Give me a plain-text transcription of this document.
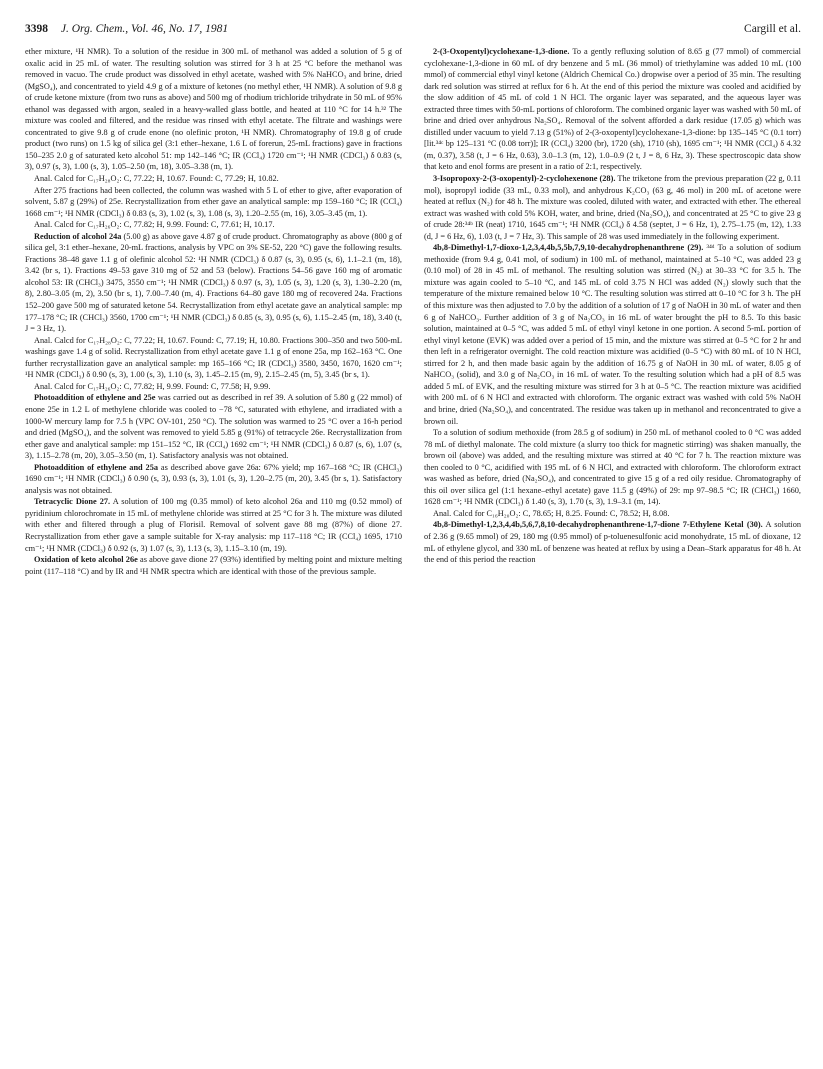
3398 J. Org. Chem., Vol. 46, No. 17, 1981	Cargill et al.

ether mixture, ¹H NMR). To a solution of the residue in 300 mL of methanol was added a solution of 5 g of oxalic acid in 25 mL of water. The resulting solution was stirred for 3 h at 25 °C before the methanol was removed in vacuo. The crude product was dissolved in ethyl acetate, washed with 5% NaHCO₃ and brine, dried (MgSO₄), and concentrated to yield 4.9 g of a mixture of ketones (no methyl ether, ¹H NMR). A solution of 9.8 g of crude ketone mixture (from two runs as above) and 500 mg of rhodium trichloride trihydrate in 50 mL of 95% ethanol was degassed with argon, sealed in a heavy-walled glass bottle, and heated at 110 °C for 14 h.³² The mixture was cooled and filtered, and the residue was rinsed with ethyl acetate. The filtrate and washings were concentrated to give 9.8 g of crude enone (no olefinic proton, ¹H NMR). Chromatography of 19.8 g of crude product (two runs) on 1.5 kg of silica gel (3:1 ether–hexane, 1.6 L of forerun, 25-mL fractions) gave in fractions 150–235 2.0 g of saturated keto alcohol 51: mp 142–146 °C; IR (CCl₄) 1720 cm⁻¹; ¹H NMR (CDCl₃) δ 0.83 (s, 3), 0.97 (s, 3), 1.00 (s, 3), 1.05–2.50 (m, 18), 3.05–3.38 (m, 1).

Anal. Calcd for C₁₇H₂₈O₂: C, 77.22; H, 10.67. Found: C, 77.29; H, 10.82.

After 275 fractions had been collected, the column was washed with 5 L of ether to give, after evaporation of solvent, 5.87 g (29%) of 25e. Recrystallization from ether gave an analytical sample: mp 159–160 °C; IR (CCl₄) 1668 cm⁻¹; ¹H NMR (CDCl₃) δ 0.83 (s, 3), 1.02 (s, 3), 1.08 (s, 3), 1.20–2.55 (m, 16), 3.05–3.45 (m, 1).

Anal. Calcd for C₁₇H₂₆O₂: C, 77.82; H, 9.99. Found: C, 77.61; H, 10.17.

Reduction of alcohol 24a (5.00 g) as above gave 4.87 g of crude product. Chromatography as above (800 g of silica gel, 3:1 ether–hexane, 20-mL fractions, analysis by VPC on 3% SE-52, 220 °C) gave the following results. Fractions 38–48 gave 1.1 g of olefinic alcohol 52: ¹H NMR (CDCl₃) δ 0.87 (s, 3), 0.95 (s, 6), 1.1–2.1 (m, 18), 3.42 (br s, 1). Fractions 49–53 gave 310 mg of 52 and 53 (below). Fractions 54–56 gave 160 mg of aromatic alcohol 53: IR (CHCl₃) 3475, 3550 cm⁻¹; ¹H NMR (CDCl₃) δ 0.97 (s, 3), 1.05 (s, 3), 1.20 (s, 3), 1.30–2.20 (m, 8), 2.80–3.05 (m, 2), 3.50 (br s, 1), 7.00–7.40 (m, 4). Fractions 64–80 gave 180 mg of recovered 24a. Fractions 152–200 gave 500 mg of saturated ketone 54. Recrystallization from ethyl acetate gave an analytical sample: mp 177–178 °C; IR (CHCl₃) 3560, 1700 cm⁻¹; ¹H NMR (CDCl₃) δ 0.85 (s, 3), 0.95 (s, 6), 1.15–2.45 (m, 18), 3.40 (t, J = 3 Hz, 1).

Anal. Calcd for C₁₇H₂₈O₂: C, 77.22; H, 10.67. Found: C, 77.19; H, 10.80. Fractions 300–350 and two 500-mL washings gave 1.4 g of solid. Recrystallization from ethyl acetate gave 1.1 g of enone 25a, mp 162–163 °C. One further recrystallization gave an analytical sample: mp 165–166 °C; IR (CDCl₃) 3580, 3450, 1670, 1620 cm⁻¹; ¹H NMR (CDCl₃) δ 0.90 (s, 3), 1.00 (s, 3), 1.10 (s, 3), 1.45–2.15 (m, 9), 2.15–2.45 (m, 5), 3.45 (br s, 1).

Anal. Calcd for C₁₇H₂₆O₂: C, 77.82; H, 9.99. Found: C, 77.58; H, 9.99.

Photoaddition of ethylene and 25e was carried out as described in ref 39. A solution of 5.80 g (22 mmol) of enone 25e in 1.2 L of methylene chloride was cooled to −78 °C, saturated with ethylene, and irradiated with a 1000-W mercury lamp for 7.5 h (VPC OV-101, 250 °C). The solution was warmed to 25 °C over a 16-h period and dried (MgSO₄), and the solvent was removed to yield 5.85 g (91%) of tetracycle 26e. Recrystallization from ether gave and analytical sample: mp 151–152 °C, IR (CCl₄) 1692 cm⁻¹; ¹H NMR (CDCl₃) δ 0.87 (s, 6), 1.07 (s, 3), 1.15–2.78 (m, 20), 3.05–3.50 (m, 1). Satisfactory analysis was not obtained.

Photoaddition of ethylene and 25a as described above gave 26a: 67% yield; mp 167–168 °C; IR (CHCl₃) 1690 cm⁻¹; ¹H NMR (CDCl₃) δ 0.90 (s, 3), 0.93 (s, 3), 1.01 (s, 3), 1.20–2.75 (m, 20), 3.45 (br s, 1). Satisfactory analysis was not obtained.

Tetracyclic Dione 27. A solution of 100 mg (0.35 mmol) of keto alcohol 26a and 110 mg (0.52 mmol) of pyridinium chlorochromate in 15 mL of methylene chloride was stirred at 25 °C for 3 h. The mixture was diluted with ether and filtered through a plug of Florisil. Removal of solvent gave 88 mg (87%) of dione 27. Recrystallization from ether gave a sample suitable for X-ray analysis: mp 117–118 °C; IR (CCl₄) 1695, 1710 cm⁻¹; ¹H NMR (CDCl₃) δ 0.92 (s, 3) 1.07 (s, 3), 1.13 (s, 3), 1.15–3.10 (m, 19).

Oxidation of keto alcohol 26e as above gave dione 27 (93%) identified by melting point and mixture melting point (117–118 °C) and by IR and ¹H NMR spectra which are identical with those of the previous sample.

2-(3-Oxopentyl)cyclohexane-1,3-dione. To a gently refluxing solution of 8.65 g (77 mmol) of commercial cyclohexane-1,3-dione in 60 mL of dry benzene and 5 mL (36 mmol) of triethylamine was added 10 mL (100 mmol) of commercial ethyl vinyl ketone (Aldrich Chemical Co.) dropwise over a period of 35 min. The resulting dark red solution was stirred at reflux for 6 h. At the end of this period the mixture was cooled and acidified by the slow addition of 45 mL of cold 1 N HCl. The organic layer was separated, and the aqueous layer was extracted three times with 50-mL portions of chloroform. The combined organic layer was washed with 50 mL of brine and dried over anhydrous Na₂SO₄. Removal of the solvent afforded a dark residue (17.05 g) which was distilled under vacuum to yield 7.13 g (51%) of 2-(3-oxopentyl)cyclohexane-1,3-dione: bp 135–145 °C (0.1 torr) [lit.³⁴ᶜ bp 125–131 °C (0.08 torr)]; IR (CCl₄) 3200 (br), 1720 (sh), 1710 (sh), 1695 cm⁻¹; ¹H NMR (CCl₄) δ 4.32 (m, 0.37), 3.58 (t, J = 6 Hz, 0.63), 3.0–1.3 (m, 12), 1.0–0.9 (2 t, J = 8, 6 Hz, 3). These spectroscopic data show that keto and enol forms are present in a ratio of 2:1, respectively.

3-Isopropoxy-2-(3-oxopentyl)-2-cyclohexenone (28). The triketone from the previous preparation (22 g, 0.11 mol), isopropyl iodide (33 mL, 0.33 mol), and anhydrous K₂CO₃ (63 g, 46 mol) in 200 mL of acetone were heated at reflux (N₂) for 48 h. The mixture was cooled, diluted with water, and extracted with ether. The ethereal extract was washed with cold 5% KOH, water, and brine, dried (Na₂SO₄), and concentrated at 25 °C to give 23 g of crude 28:³⁴ᵇ IR (neat) 1710, 1645 cm⁻¹; ¹H NMR (CCl₄) δ 4.58 (septet, J = 6 Hz, 1), 2.75–1.75 (m, 12), 1.33 (d, J = 6 Hz, 6), 1.03 (t, J = 7 Hz, 3). This sample of 28 was used immediately in the following experiment.

4b,8-Dimethyl-1,7-dioxo-1,2,3,4,4b,5,5b,7,9,10-decahydrophenanthrene (29). ³⁴ᵈ To a solution of sodium methoxide (from 9.4 g, 0.41 mol, of sodium) in 100 mL of methanol, maintained at 5–10 °C, was added 23 g (0.10 mol) of 28 in 45 mL of methanol. The resulting solution was stirred (N₂) at 30–33 °C for 3.5 h. The mixture was again cooled to 5–10 °C, and 145 mL of cold 3.75 N HCl was added (N₂) slowly such that the temperature of the mixture remained below 10 °C. The resulting solution was stirred att 0–10 °C for 3 h. The pH of this mixture was then adjusted to 7.0 by the addition of a solution of 17 g of NaOH in 30 mL of water and then 6 g of NaHCO₃. Further addition of 3 g of Na₂CO₃ in 16 mL of water brought the pH to 8.5. To this basic solution, maintained at 0–5 °C, was added 5 mL of ethyl vinyl ketone in one portion. A second 5-mL portion of ethyl vinyl ketone (EVK) was added over a period of 15 min, and the mixture was stirred at 0–5 °C for 2 hr and then left in a refrigerator overnight. The cold reaction mixture was acidified (0–5 °C) with 80 mL of 10 N HCl, stirred for 2 h, and then made basic again by the addition of 16.75 g of NaOH in 30 mL of water, 8.05 g of NaHCO₃ (solid), and 3.0 g of Na₂CO₃ in 16 mL of water. To the resulting solution which had a pH of 8.5 was added 5 mL of EVK, and the resulting mixture was stirred for 3 h at 0–5 °C. The reaction mixture was acidified with 200 mL of 6 N HCl and extracted with chloroform. The organic extract was washed with cold 5% NaOH and brine, dried (Na₂SO₄), and concentrated. The residue was taken up in methanol and reconcentrated to give a brown oil.

To a solution of sodium methoxide (from 28.5 g of sodium) in 250 mL of methanol cooled to 0 °C was added 78 mL of diethyl malonate. The cold mixture (a slurry too thick for magnetic stirring) was shaken manually, the brown oil (above) was added, and the resulting mixture was stirred at 40 °C for 7 h. The reaction mixture was then cooled to 0 °C, acidified with 195 mL of 6 N HCl, and extracted with chloroform. The chloroform extract was washed as before, dried (Na₂SO₄), and concentrated to give 15 g of a red oily residue. Chromatography of this oil over silica gel (1:1 hexane–ethyl acetate) gave 11.5 g (49%) of 29: mp 97–98.5 °C; IR (CHCl₃) 1660, 1628 cm⁻¹; ¹H NMR (CDCl₃) δ 1.40 (s, 3), 1.70 (s, 3), 1.9–3.1 (m, 14).

Anal. Calcd for C₁₆H₂₀O₂: C, 78.65; H, 8.25. Found: C, 78.52; H, 8.08.

4b,8-Dimethyl-1,2,3,4,4b,5,6,7,8,10-decahydrophenanthrene-1,7-dione 7-Ethylene Ketal (30). A solution of 2.36 g (9.65 mmol) of 29, 180 mg (0.95 mmol) of p-toluenesulfonic acid monohydrate, 15 mL of dioxane, 12 mL of ethylene glycol, and 330 mL of benzene was heated at reflux by using a Dean–Stark apparatus for 48 h. At the end of this period the reaction
